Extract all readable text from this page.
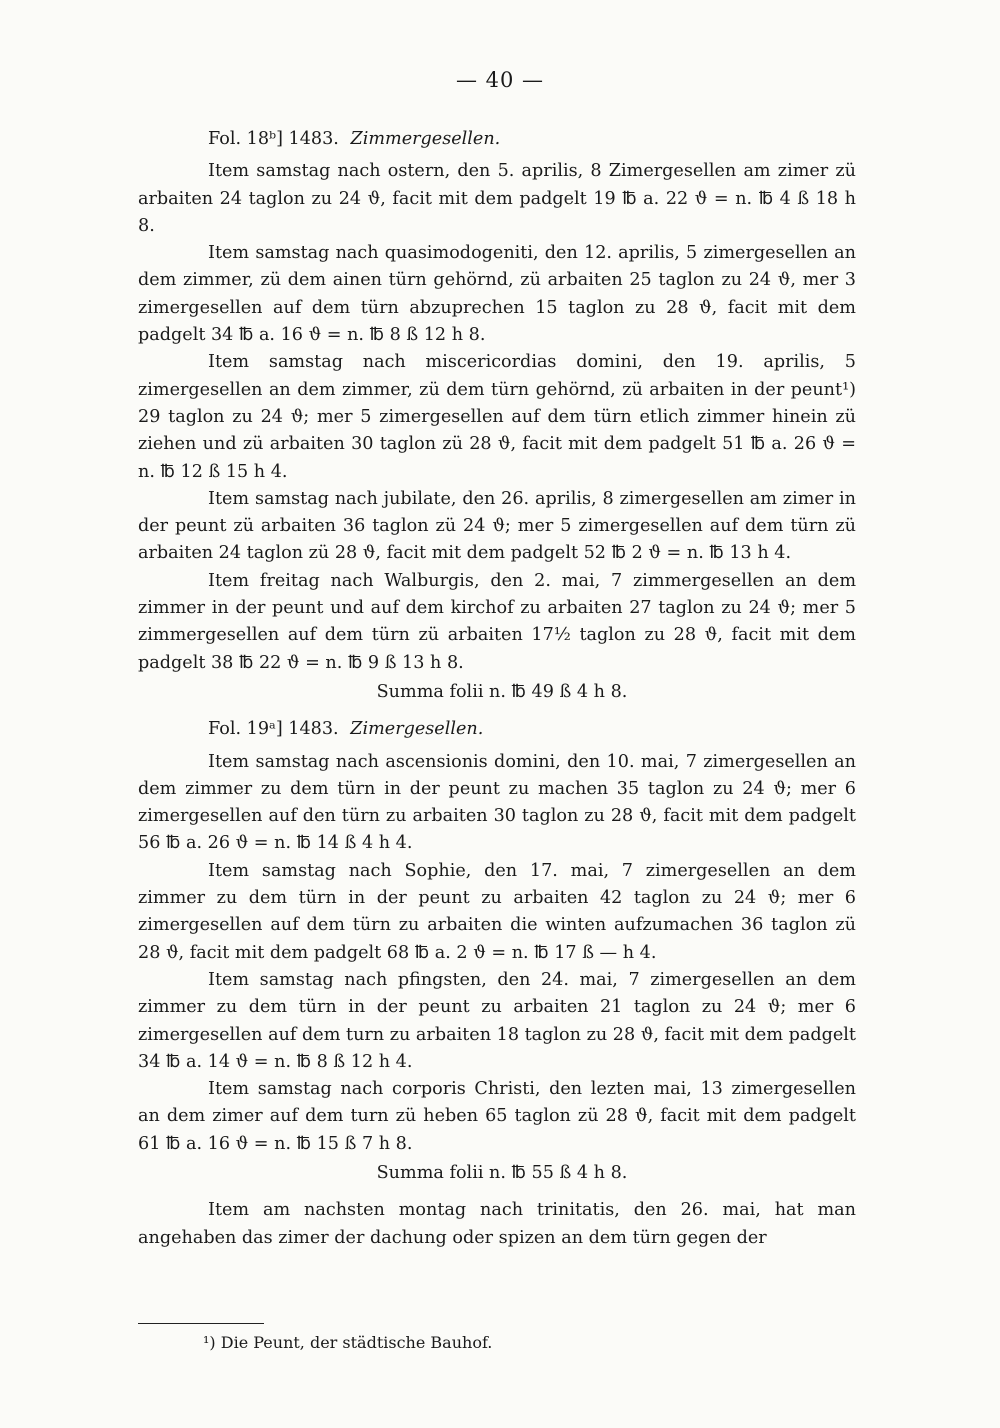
— 40 —
Fol. 18ᵇ] 1483. Zimmergesellen.

Item samstag nach ostern, den 5. aprilis, 8 Zimergesellen am zimer zü arbaiten 24 taglon zu 24 ϑ, facit mit dem padgelt 19 ℔ a. 22 ϑ = n. ℔ 4 ß 18 h 8.

Item samstag nach quasimodogeniti, den 12. aprilis, 5 zimergesellen an dem zimmer, zü dem ainen türn gehörnd, zü arbaiten 25 taglon zu 24 ϑ, mer 3 zimergesellen auf dem türn abzuprechen 15 taglon zu 28 ϑ, facit mit dem padgelt 34 ℔ a. 16 ϑ = n. ℔ 8 ß 12 h 8.

Item samstag nach miscericordias domini, den 19. aprilis, 5 zimergesellen an dem zimmer, zü dem türn gehörnd, zü arbaiten in der peunt¹) 29 taglon zu 24 ϑ; mer 5 zimergesellen auf dem türn etlich zimmer hinein zü ziehen und zü arbaiten 30 taglon zü 28 ϑ, facit mit dem padgelt 51 ℔ a. 26 ϑ = n. ℔ 12 ß 15 h 4.

Item samstag nach jubilate, den 26. aprilis, 8 zimergesellen am zimer in der peunt zü arbaiten 36 taglon zü 24 ϑ; mer 5 zimergesellen auf dem türn zü arbaiten 24 taglon zü 28 ϑ, facit mit dem padgelt 52 ℔ 2 ϑ = n. ℔ 13 h 4.

Item freitag nach Walburgis, den 2. mai, 7 zimmergesellen an dem zimmer in der peunt und auf dem kirchof zu arbaiten 27 taglon zu 24 ϑ; mer 5 zimmergesellen auf dem türn zü arbaiten 17½ taglon zu 28 ϑ, facit mit dem padgelt 38 ℔ 22 ϑ = n. ℔ 9 ß 13 h 8.

Summa folii n. ℔ 49 ß 4 h 8.
Fol. 19ᵃ] 1483. Zimergesellen.

Item samstag nach ascensionis domini, den 10. mai, 7 zimergesellen an dem zimmer zu dem türn in der peunt zu machen 35 taglon zu 24 ϑ; mer 6 zimergesellen auf den türn zu arbaiten 30 taglon zu 28 ϑ, facit mit dem padgelt 56 ℔ a. 26 ϑ = n. ℔ 14 ß 4 h 4.

Item samstag nach Sophie, den 17. mai, 7 zimergesellen an dem zimmer zu dem türn in der peunt zu arbaiten 42 taglon zu 24 ϑ; mer 6 zimergesellen auf dem türn zu arbaiten die winten aufzumachen 36 taglon zü 28 ϑ, facit mit dem padgelt 68 ℔ a. 2 ϑ = n. ℔ 17 ß — h 4.

Item samstag nach pfingsten, den 24. mai, 7 zimergesellen an dem zimmer zu dem türn in der peunt zu arbaiten 21 taglon zu 24 ϑ; mer 6 zimergesellen auf dem turn zu arbaiten 18 taglon zu 28 ϑ, facit mit dem padgelt 34 ℔ a. 14 ϑ = n. ℔ 8 ß 12 h 4.

Item samstag nach corporis Christi, den lezten mai, 13 zimergesellen an dem zimer auf dem turn zü heben 65 taglon zü 28 ϑ, facit mit dem padgelt 61 ℔ a. 16 ϑ = n. ℔ 15 ß 7 h 8.

Summa folii n. ℔ 55 ß 4 h 8.

Item am nachsten montag nach trinitatis, den 26. mai, hat man angehaben das zimer der dachung oder spizen an dem türn gegen der

¹) Die Peunt, der städtische Bauhof.
